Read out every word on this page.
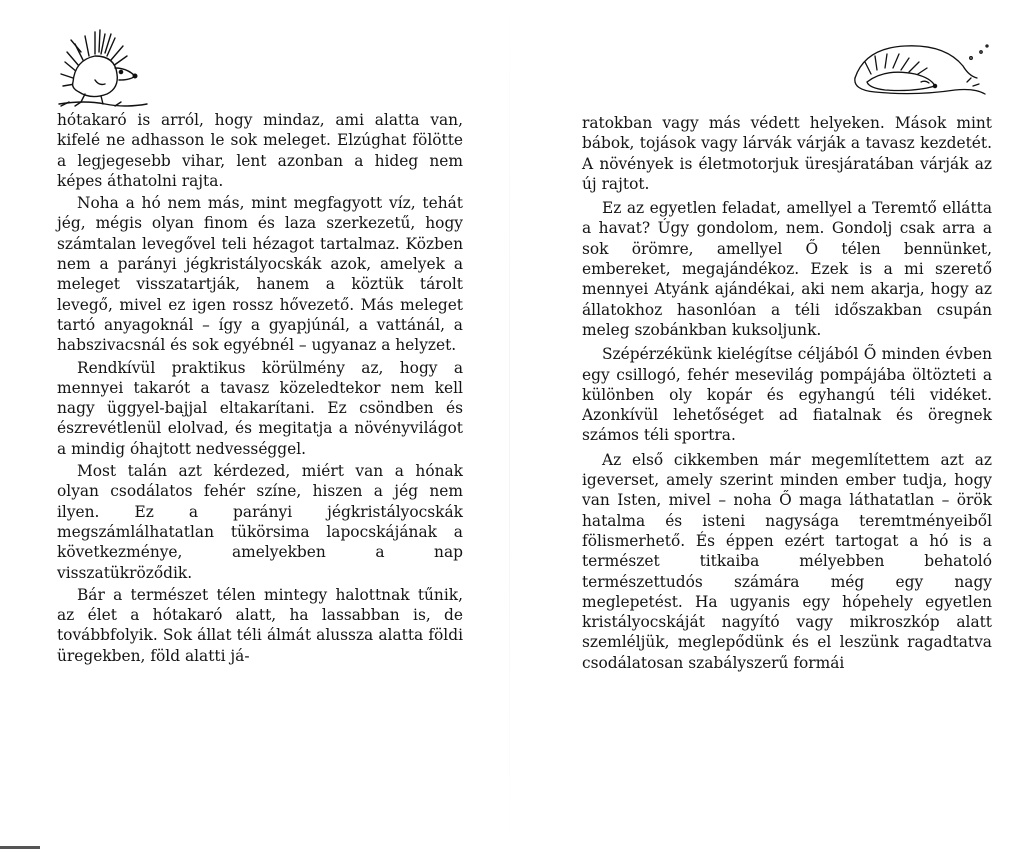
hótakaró is arról, hogy mindaz, ami alatta van, kifelé ne adhasson le sok meleget. Elzúghat fölötte a legjegesebb vihar, lent azonban a hideg nem képes áthatolni rajta.

Noha a hó nem más, mint megfagyott víz, tehát jég, mégis olyan finom és laza szerkezetű, hogy számtalan levegővel teli hézagot tartalmaz. Közben nem a parányi jégkristályocskák azok, amelyek a meleget visszatartják, hanem a köztük tárolt levegő, mivel ez igen rossz hővezető. Más meleget tartó anyagoknál – így a gyapjúnál, a vattánál, a habszivacsnál és sok egyébnél – ugyanaz a helyzet.

Rendkívül praktikus körülmény az, hogy a mennyei takarót a tavasz közeledtekor nem kell nagy üggyel-bajjal eltakarítani. Ez csöndben és észrevétlenül elolvad, és megitatja a növényvilágot a mindig óhajtott nedvességgel.

Most talán azt kérdezed, miért van a hónak olyan csodálatos fehér színe, hiszen a jég nem ilyen. Ez a parányi jégkristályocskák megszámlálhatatlan tükörsima lapocskájának a következménye, amelyekben a nap visszatükröződik.

Bár a természet télen mintegy halottnak tűnik, az élet a hótakaró alatt, ha lassabban is, de továbbfolyik. Sok állat téli álmát alussza alatta földi üregekben, föld alatti já-

ratokban vagy más védett helyeken. Mások mint bábok, tojások vagy lárvák várják a tavasz kezdetét. A növények is életmotorjuk üresjáratában várják az új rajtot.

Ez az egyetlen feladat, amellyel a Teremtő ellátta a havat? Úgy gondolom, nem. Gondolj csak arra a sok örömre, amellyel Ő télen bennünket, embereket, megajándékoz. Ezek is a mi szerető mennyei Atyánk ajándékai, aki nem akarja, hogy az állatokhoz hasonlóan a téli időszakban csupán meleg szobánkban kuksoljunk.

Szépérzékünk kielégítse céljából Ő minden évben egy csillogó, fehér mesevilág pompájába öltözteti a különben oly kopár és egyhangú téli vidéket. Azonkívül lehetőséget ad fiatalnak és öregnek számos téli sportra.

Az első cikkemben már megemlítettem azt az igeverset, amely szerint minden ember tudja, hogy van Isten, mivel – noha Ő maga láthatatlan – örök hatalma és isteni nagysága teremtményeiből fölismerhető. És éppen ezért tartogat a hó is a természet titkaiba mélyebben behatoló természettudós számára még egy nagy meglepetést. Ha ugyanis egy hópehely egyetlen kristályocskáját nagyító vagy mikroszkóp alatt szemléljük, meglepődünk és el leszünk ragadtatva csodálatosan szabályszerű formái
